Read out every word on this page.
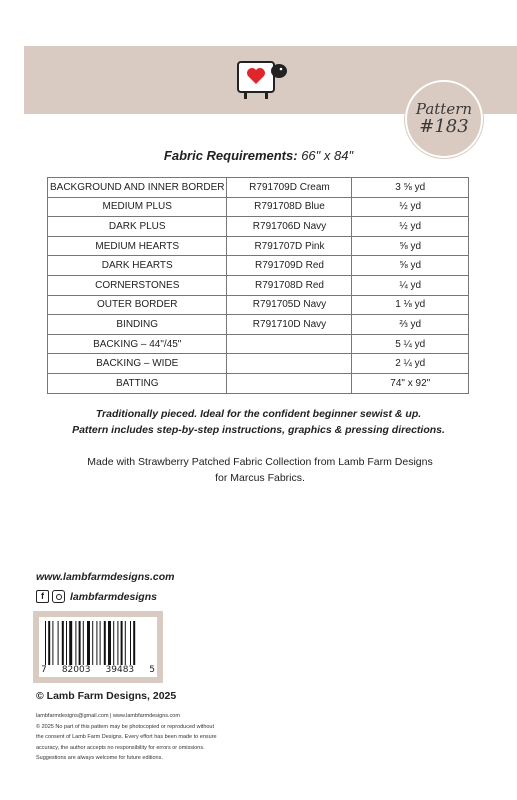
Pattern
#183
Fabric Requirements: 66" x 84"
BACKGROUND AND INNER BORDER	R791709D Cream	3 ⅝ yd
MEDIUM PLUS	R791708D Blue	½ yd
DARK PLUS	R791706D Navy	½ yd
MEDIUM HEARTS	R791707D Pink	⅝ yd
DARK HEARTS	R791709D Red	⅝ yd
CORNERSTONES	R791708D Red	¼ yd
OUTER BORDER	R791705D Navy	1 ⅛ yd
BINDING	R791710D Navy	⅔ yd
BACKING – 44"/45"		5 ¼ yd
BACKING – WIDE		2 ¼ yd
BATTING		74" x 92"
Traditionally pieced. Ideal for the confident beginner sewist & up.
Pattern includes step-by-step instructions, graphics & pressing directions.
Made with Strawberry Patched Fabric Collection from Lamb Farm Designs
for Marcus Fabrics.
www.lambfarmdesigns.com
f	lambfarmdesigns
7 82003 39483 5
© Lamb Farm Designs, 2025
lambfarmdesigns@gmail.com | www.lambfarmdesigns.com
© 2025 No part of this pattern may be photocopied or reproduced without
the consent of Lamb Farm Designs. Every effort has been made to ensure
accuracy, the author accepts no responsibility for errors or omissions.
Suggestions are always welcome for future editions.
